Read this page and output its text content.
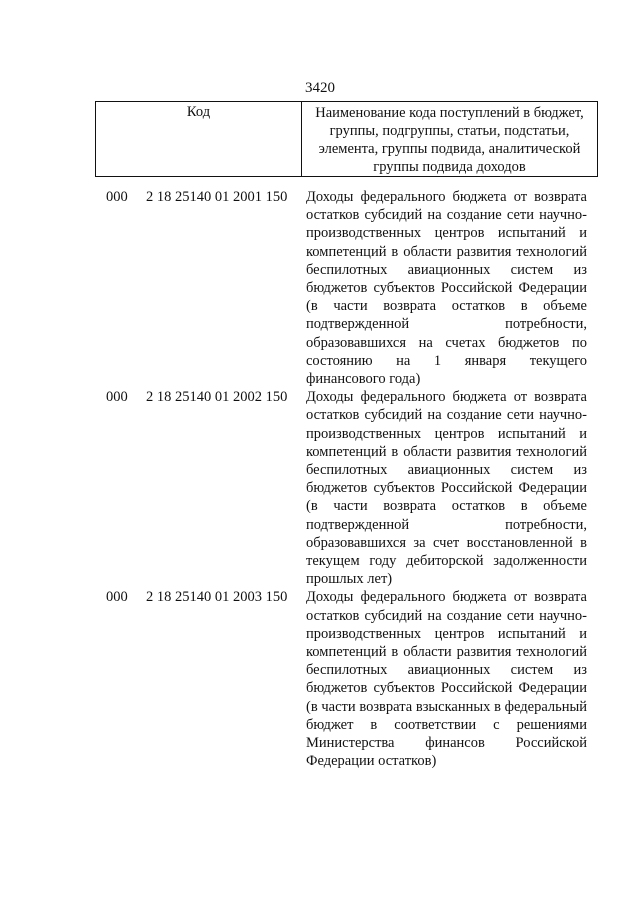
3420
Код	Наименование кода поступлений в бюджет, группы, подгруппы, статьи, подстатьи, элемента, группы подвида, аналитической группы подвида доходов
000 2 18 25140 01 2001 150 Доходы федерального бюджета от возврата остатков субсидий на создание сети научно-производственных центров испытаний и компетенций в области развития технологий беспилотных авиационных систем из бюджетов субъектов Российской Федерации (в части возврата остатков в объеме подтвержденной потребности, образовавшихся на счетах бюджетов по состоянию на 1 января текущего финансового года)
000 2 18 25140 01 2002 150 Доходы федерального бюджета от возврата остатков субсидий на создание сети научно-производственных центров испытаний и компетенций в области развития технологий беспилотных авиационных систем из бюджетов субъектов Российской Федерации (в части возврата остатков в объеме подтвержденной потребности, образовавшихся за счет восстановленной в текущем году дебиторской задолженности прошлых лет)
000 2 18 25140 01 2003 150 Доходы федерального бюджета от возврата остатков субсидий на создание сети научно-производственных центров испытаний и компетенций в области развития технологий беспилотных авиационных систем из бюджетов субъектов Российской Федерации (в части возврата взысканных в федеральный бюджет в соответствии с решениями Министерства финансов Российской Федерации остатков)
